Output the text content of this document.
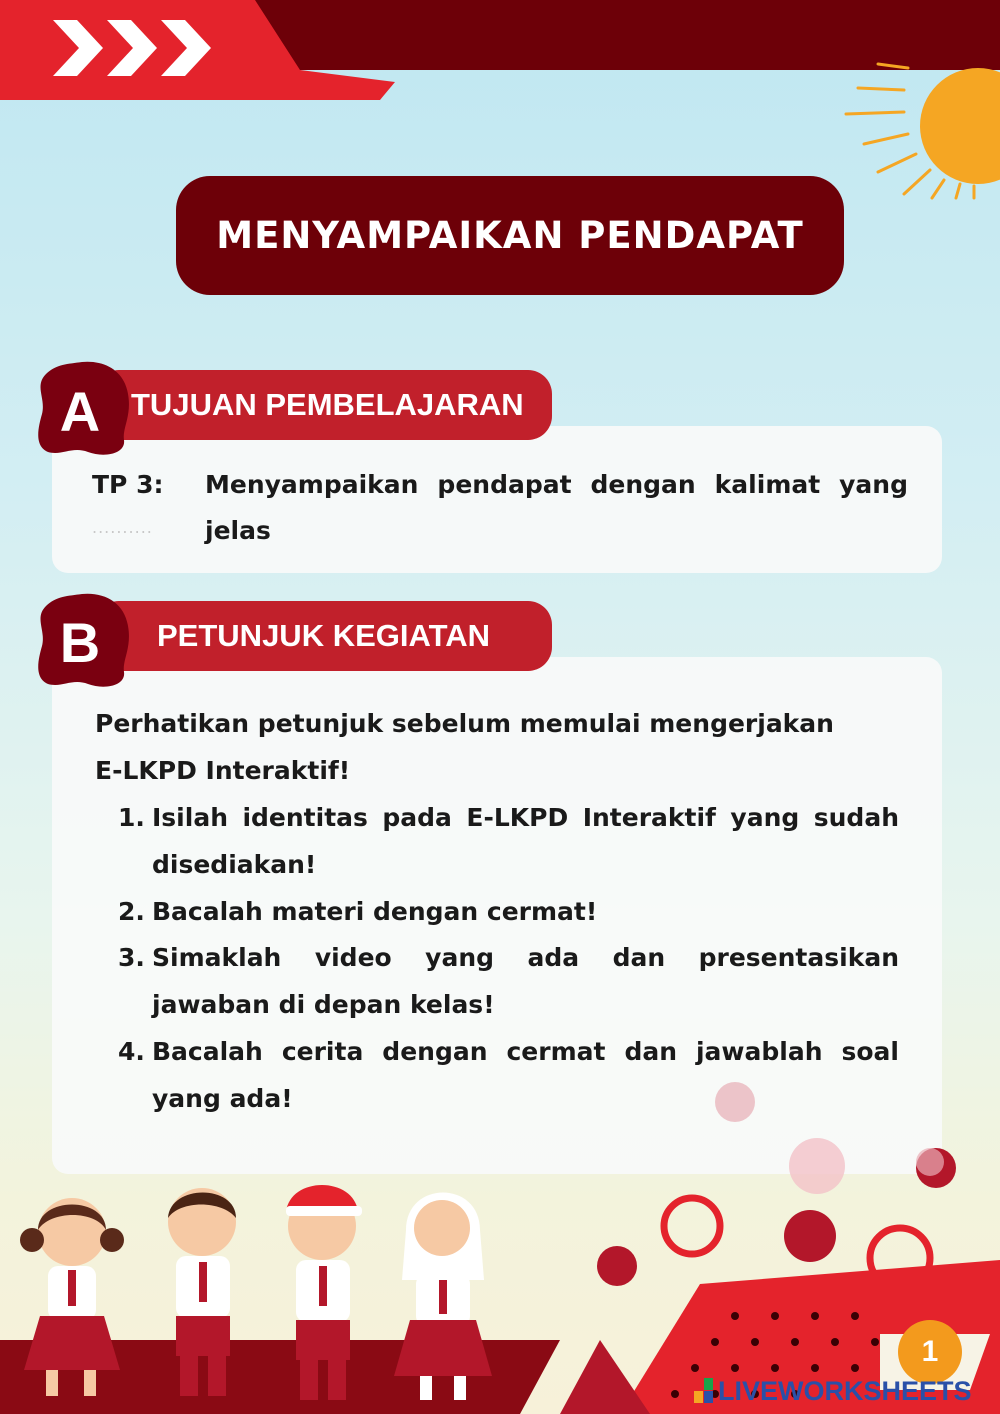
MENYAMPAIKAN PENDAPAT
TUJUAN PEMBELAJARAN
A
TP 3: Menyampaikan pendapat dengan kalimat yang
.......... jelas
PETUNJUK KEGIATAN
B
Perhatikan petunjuk sebelum memulai mengerjakan
E-LKPD Interaktif!
1. Isilah identitas pada E-LKPD Interaktif yang sudah
disediakan!
2. Bacalah materi dengan cermat!
3. Simaklah video yang ada dan presentasikan
jawaban di depan kelas!
4. Bacalah cerita dengan cermat dan jawablah soal
yang ada!
1
LIVEWORKSHEETS
